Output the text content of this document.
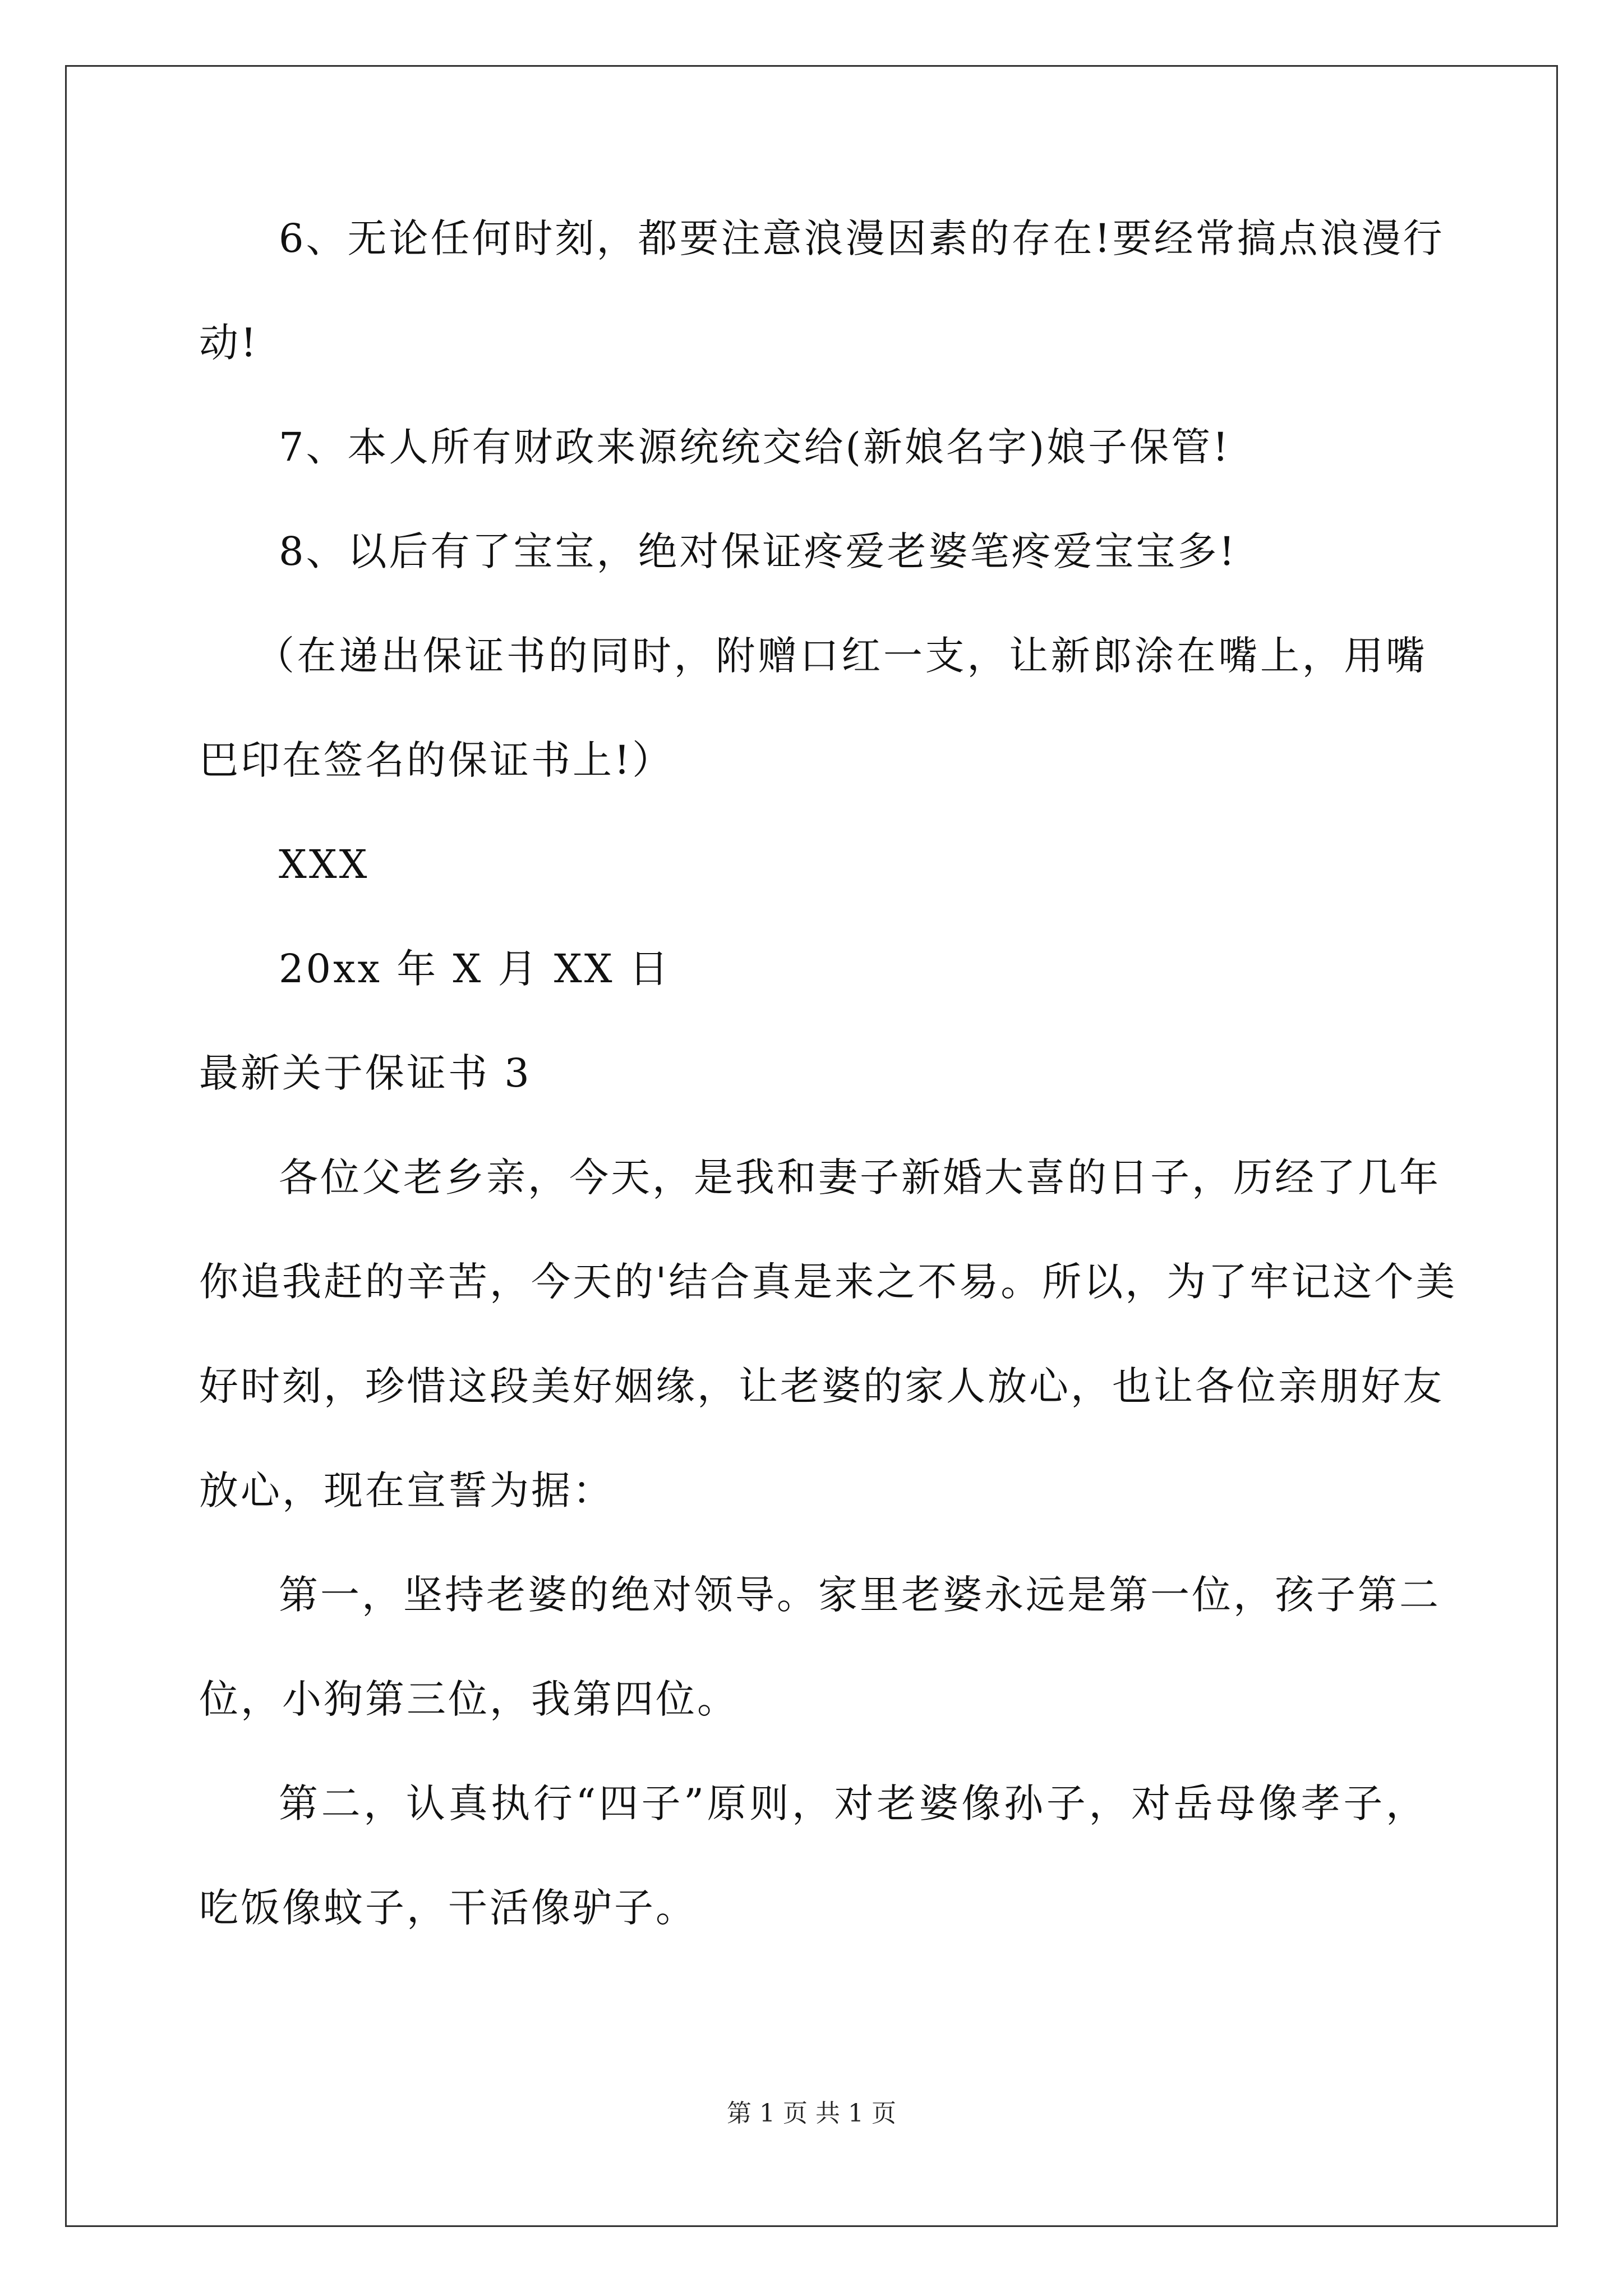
6、无论任何时刻，都要注意浪漫因素的存在!要经常搞点浪漫行
动!
7、本人所有财政来源统统交给(新娘名字)娘子保管!
8、以后有了宝宝，绝对保证疼爱老婆笔疼爱宝宝多!
（在递出保证书的同时，附赠口红一支，让新郎涂在嘴上，用嘴
巴印在签名的保证书上!）
XXX
20xx 年 X 月 XX 日
最新关于保证书 3
各位父老乡亲，今天，是我和妻子新婚大喜的日子，历经了几年
你追我赶的辛苦，今天的'结合真是来之不易。所以，为了牢记这个美
好时刻，珍惜这段美好姻缘，让老婆的家人放心，也让各位亲朋好友
放心，现在宣誓为据：
第一，坚持老婆的绝对领导。家里老婆永远是第一位，孩子第二
位，小狗第三位，我第四位。
第二，认真执行“四子”原则，对老婆像孙子，对岳母像孝子，
吃饭像蚊子，干活像驴子。
第 1 页 共 1 页
